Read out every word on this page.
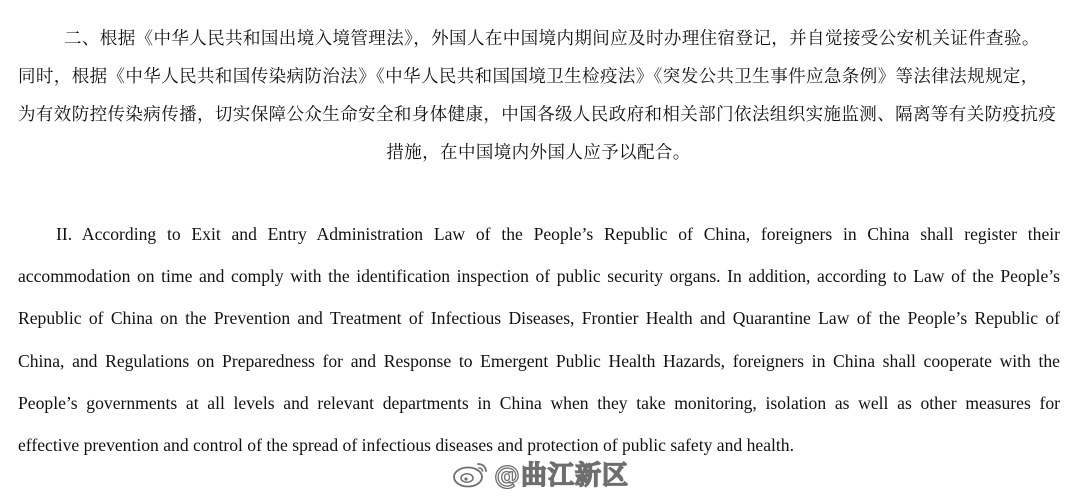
二、根据《中华人民共和国出境入境管理法》，外国人在中国境内期间应及时办理住宿登记，并自觉接受公安机关证件查验。
同时，根据《中华人民共和国传染病防治法》《中华人民共和国国境卫生检疫法》《突发公共卫生事件应急条例》等法律法规规定，
为有效防控传染病传播，切实保障公众生命安全和身体健康，中国各级人民政府和相关部门依法组织实施监测、隔离等有关防疫抗疫
措施，在中国境内外国人应予以配合。
II. According to Exit and Entry Administration Law of the People’s Republic of China, foreigners in China shall register their
accommodation on time and comply with the identification inspection of public security organs. In addition, according to Law of the People’s
Republic of China on the Prevention and Treatment of Infectious Diseases, Frontier Health and Quarantine Law of the People’s Republic of
China, and Regulations on Preparedness for and Response to Emergent Public Health Hazards, foreigners in China shall cooperate with the
People’s governments at all levels and relevant departments in China when they take monitoring, isolation as well as other measures for
effective prevention and control of the spread of infectious diseases and protection of public safety and health.
@曲江新区
